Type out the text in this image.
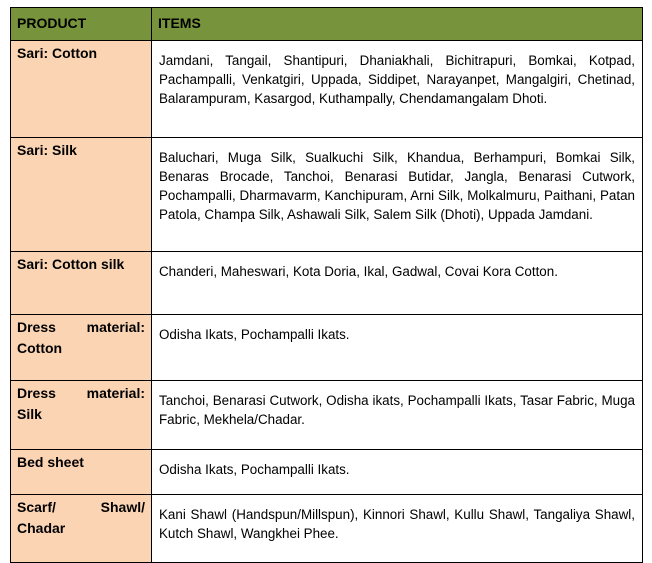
PRODUCT	ITEMS
Sari: Cotton	Jamdani, Tangail, Shantipuri, Dhaniakhali, Bichitrapuri, Bomkai, Kotpad, Pachampalli, Venkatgiri, Uppada, Siddipet, Narayanpet, Mangalgiri, Chetinad, Balarampuram, Kasargod, Kuthampally, Chendamangalam Dhoti.
Sari: Silk	Baluchari, Muga Silk, Sualkuchi Silk, Khandua, Berhampuri, Bomkai Silk, Benaras Brocade, Tanchoi, Benarasi Butidar, Jangla, Benarasi Cutwork, Pochampalli, Dharmavarm, Kanchipuram, Arni Silk, Molkalmuru, Paithani, Patan Patola, Champa Silk, Ashawali Silk, Salem Silk (Dhoti), Uppada Jamdani.
Sari: Cotton silk	Chanderi, Maheswari, Kota Doria, Ikal, Gadwal, Covai Kora Cotton.

Dress material:
Cotton	Odisha Ikats, Pochampalli Ikats.

Dress material:
Silk	Tanchoi, Benarasi Cutwork, Odisha ikats, Pochampalli Ikats, Tasar Fabric, Muga Fabric, Mekhela/Chadar.
Bed sheet	Odisha Ikats, Pochampalli Ikats.

Scarf/ Shawl/
Chadar	Kani Shawl (Handspun/Millspun), Kinnori Shawl, Kullu Shawl, Tangaliya Shawl, Kutch Shawl, Wangkhei Phee.
